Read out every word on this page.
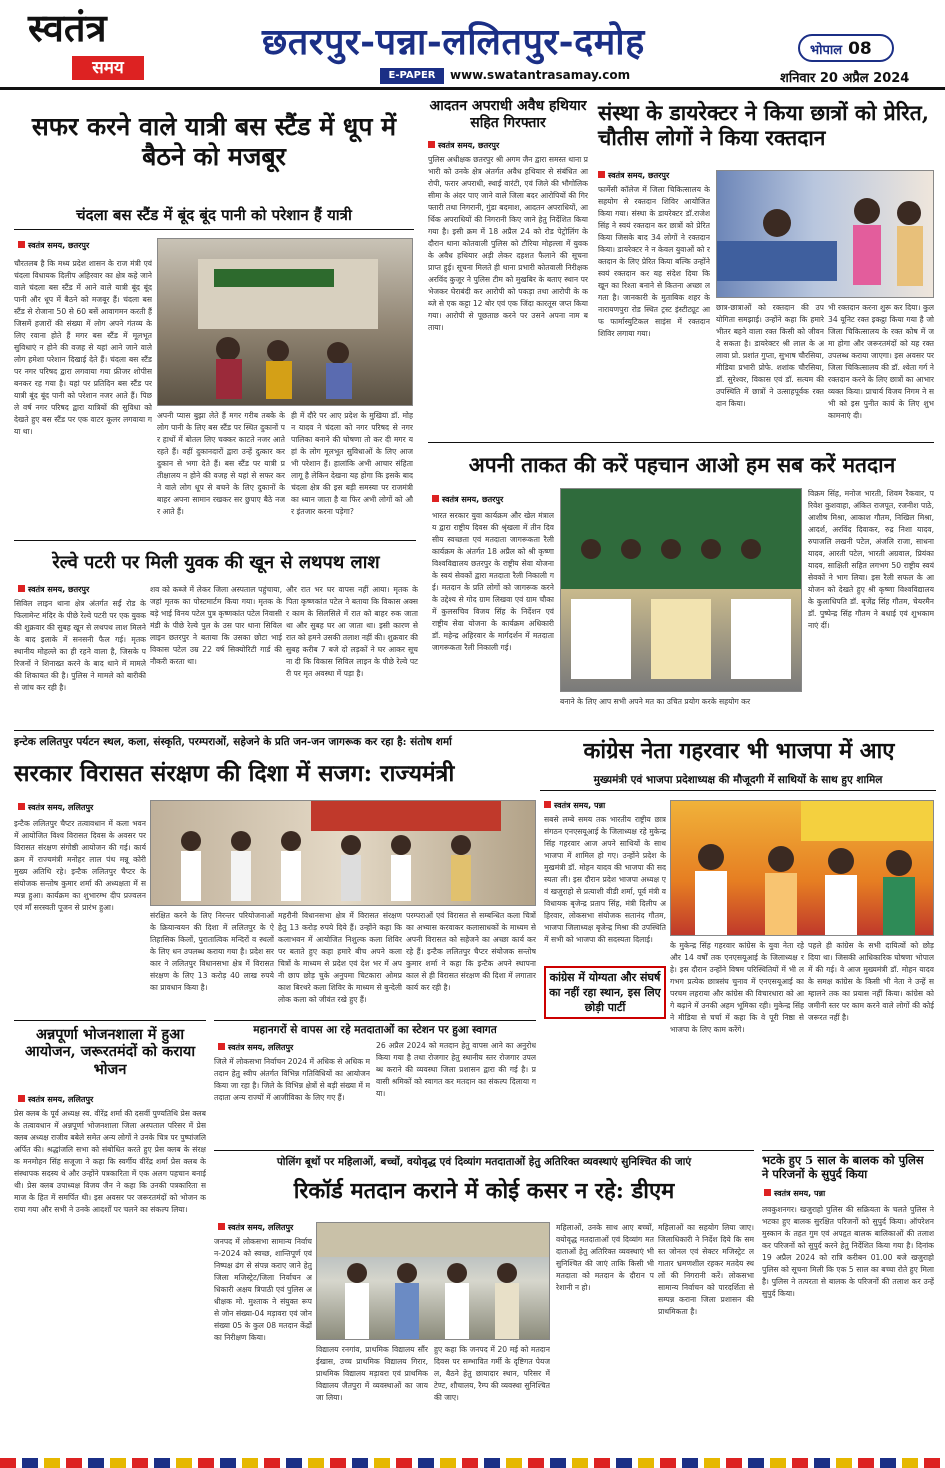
स्वतंत्र
समय
छतरपुर-पन्ना-ललितपुर-दमोह
E-PAPER	www.swatantrasamay.com
भोपाल 08
शनिवार 20 अप्रैल 2024
सफर करने वाले यात्री बस स्टैंड में धूप में बैठने को मजबूर
चंदला बस स्टैंड में बूंद बूंद पानी को परेशान हैं यात्री
स्वतंत्र समय, छतरपुर
चौरतलब है कि मध्य प्रदेश शासन के राज मंत्री एवं चंदला विधायक दिलीप अहिरवार का क्षेत्र कहे जाने वाले चंदला बस स्टैंड में आने वाले यात्री बूंद बूंद पानी और धूप में बैठने को मजबूर हैं। चंदला बस स्टैंड से रोजाना 50 से 60 बसें आवागमन करती हैं जिसमें हजारों की संख्या में लोग अपने गंतव्य के लिए रवाना होते हैं मगर बस स्टैंड में मूलभूत सुविधाएं न होने की वजह से यहां आने जाने वाले लोग हमेशा परेशान दिखाई देते हैं। चंदला बस स्टैंड पर नगर परिषद द्वारा लगवाया गया फ्रीजर शोपीस बनकर रह गया है। यहां पर प्रतिदिन बस स्टैंड पर यात्री बूंद बूंद पानी को परेशान नजर आते हैं। पिछले वर्ष नगर परिषद द्वारा यात्रियों की सुविधा को देखते हुए बस स्टैंड पर एक वाटर कूलर लगवाया गया था।
अपनी प्यास बुझा लेते हैं मगर गरीब तबके के लोग पानी के लिए बस स्टैंड पर स्थित दुकानों पर हाथों में बोतल लिए चक्कर काटते नजर आते रहते हैं। वहीं दुकानदारों द्वारा उन्हें दुत्कार कर दुकान से भगा देते हैं। बस स्टैंड पर यात्री प्रतीक्षालय न होने की वजह से यहां से सफर करने वाले लोग धूप से बचने के लिए दुकानों के बाहर अपना सामान रखकर सर छुपाए बैठे नजर आते हैं।
ही में दौरे पर आए प्रदेश के मुखिया डॉ. मोहन यादव ने चंदला को नगर परिषद से नगर पालिका बनाने की घोषणा तो कर दी मगर यहां के लोग मूलभूत सुविधाओं के लिए आज भी परेशान हैं। हालांकि अभी आचार संहिता लागू है लेकिन देखना यह होगा कि इसके बाद चंदला क्षेत्र की इस बड़ी समस्या पर राजमंत्री का ध्यान जाता है या फिर अभी लोगों को और इंतजार करना पड़ेगा?
आदतन अपराधी अवैध हथियार सहित गिरफ्तार
स्वतंत्र समय, छतरपुर
पुलिस अधीक्षक छतरपुर श्री अगम जैन द्वारा समस्त थाना प्रभारी को उनके क्षेत्र अंतर्गत अवैध हथियार से संबंधित आरोपी, फरार अपराधी, स्थाई वारंटी, एवं जिले की भौगोलिक सीमा के अंदर पाए जाने वाले जिला बदर आरोपियों की गिरफ्तारी तथा निगरानी, गुंडा बदमाश, आदतन अपराधियों, आर्थिक अपराधियों की निगरानी किए जाने हेतु निर्देशित किया गया है। इसी क्रम में 18 अप्रैल 24 को रोड पेट्रोलिंग के दौरान थाना कोतवाली पुलिस को टौरिया मोहल्ला में युवक के अवैध हथियार अड़ी लेकर दहशत फैलाने की सूचना प्राप्त हुई। सूचना मिलते ही थाना प्रभारी कोतवाली निरीक्षक अरविंद कुजूर ने पुलिस टीम को मुखबिर के बताए स्थान पर भेजकर घेराबंदी कर आरोपी को पकड़ा तथा आरोपी के कब्जे से एक कट्टा 12 बोर एवं एक जिंदा कारतूस जप्त किया गया। आरोपी से पूछताछ करने पर उसने अपना नाम बताया।
संस्था के डायरेक्टर ने किया छात्रों को प्रेरित, चौतीस लोगों ने किया रक्तदान
स्वतंत्र समय, छतरपुर
फार्मेसी कॉलेज में जिला चिकित्सालय के सहयोग से रक्तदान शिविर आयोजित किया गया। संस्था के डायरेक्टर डॉ.राजेश सिंह ने स्वयं रक्तदान कर छात्रों को प्रेरित किया जिसके बाद 34 लोगों ने रक्तदान किया। डायरेक्टर ने न केवल युवाओं को रक्तदान के लिए प्रेरित किया बल्कि उन्होंने स्वयं रक्तदान कर यह संदेश दिया कि खून का रिश्ता बनाने से कितना अच्छा लगता है। जानकारी के मुताबिक शहर के नारायणपुरा रोड स्थित ट्रस्ट इंस्टीट्यूट आफ फार्मास्युटिकल साइंस में रक्तदान शिविर लगाया गया।
छात्र-छात्राओं को रक्तदान की उपयोगिता समझाई। उन्होंने कहा कि हमारे भीतर बहने वाला रक्त किसी को जीवन दे सकता है। डायरेक्टर श्री लाल के अलावा प्रो. प्रशांत गुप्ता, सुभाष चौरसिया, मीडिया प्रभारी प्रोफे. शशांक चौरसिया, डॉ. सुरेश्वर, विकास एवं डॉ. सत्यम की उपस्थिति में छात्रों ने उत्साहपूर्वक रक्तदान किया।
भी रक्तदान करना शुरू कर दिया। कुल 34 यूनिट रक्त इकट्ठा किया गया है जो जिला चिकित्सालय के रक्त कोष में जमा होगा और जरूरतमंदों को यह रक्त उपलब्ध कराया जाएगा। इस अवसर पर जिला चिकित्सालय की डॉ. श्वेता गर्ग ने रक्तदान करने के लिए छात्रों का आभार व्यक्त किया। प्राचार्य विजय निगम ने सभी को इस पुनीत कार्य के लिए शुभकामनाएं दी।
अपनी ताकत की करें पहचान आओ हम सब करें मतदान
स्वतंत्र समय, छतरपुर
भारत सरकार युवा कार्यक्रम और खेल मंत्रालय द्वारा राष्ट्रीय दिवस की श्रृंखला में तीन दिवसीय स्वच्छता एवं मतदाता जागरूकता रैली कार्यक्रम के अंतर्गत 18 अप्रैल को श्री कृष्णा विश्वविद्यालय छतरपुर के राष्ट्रीय सेवा योजना के स्वयं सेवकों द्वारा मतदाता रैली निकाली गई। मतदान के प्रति लोगों को जागरूक करने के उद्देश्य से गोद ग्राम लिखवा एवं ग्राम चौका में कुलसचिव विजय सिंह के निर्देशन एवं राष्ट्रीय सेवा योजना के कार्यक्रम अधिकारी डॉ. महेन्द्र अहिरवार के मार्गदर्शन में मतदाता जागरूकता रैली निकाली गई।
बनाने के लिए आप सभी अपने मत का उचित प्रयोग करके सहयोग कर
विक्रम सिंह, मनोज भारती, शिवम रैकवार, परिवेश कुशवाहा, अंकित राजपूत, रजनीश पाठे, आशीष मिश्रा, आकाश गौतम, निखिल मिश्रा, आदर्श, अरविंद दिवाकर, रुद्र निशा यादव, रुपाजलि लखनी पटेल, अंजलि राजा, साधना यादव, आरती पटेल, भारती अग्रवाल, प्रियंका यादव, साक्षिती सहित लगभग 50 राष्ट्रीय स्वयं सेवकों ने भाग लिया। इस रैली सफल के आयोजन को देखते हुए श्री कृष्णा विश्वविद्यालय के कुलाधिपति डॉ. बृजेंद्र सिंह गौतम, चेयरमैन डॉ. पुष्पेन्द्र सिंह गौतम ने बधाई एवं शुभकामनाएं दीं।
रेल्वे पटरी पर मिली युवक की खून से लथपथ लाश
स्वतंत्र समय, छतरपुर
सिविल लाइन थाना क्षेत्र अंतर्गत सर्ई रोड के फिलामेन्ट मंदिर के पीछे रेल्वे पटरी पर एक युवक की शुक्रवार की सुबह खून से लथपथ लाश मिलने के बाद इलाके में सनसनी फैल गई। मृतक स्थानीय मोहल्ले का ही रहने वाला है, जिसके परिजनों ने शिनाख्त करने के बाद थाने में मामले की शिकायत की है। पुलिस ने मामले को बारीकी से जांच कर रही है।
शव को कब्जे में लेकर जिला अस्पताल पहुंचाया, जहां मृतक का पोस्टमार्टम किया गया। मृतक के बड़े भाई विनय पटेल पुत्र कृष्णकांत पटेल निवासी मंडी के पीछे रेल्वे पुल के उस पार थाना सिविल लाइन छतरपुर ने बताया कि उसका छोटा भाई विकास पटेल उम्र 22 वर्ष सिक्योरिटी गार्ड की नौकरी करता था।
और रात भर घर वापस नहीं आया। मृतक के पिता कृष्णकांत पटेल ने बताया कि विकास अक्सर काम के सिलसिले में रात को बाहर रुक जाता था और सुबह घर आ जाता था। इसी कारण से रात को हमने उसकी तलाश नहीं की। शुक्रवार की सुबह करीब 7 बजे दो लड़कों ने घर आकर सूचना दी कि विकास सिविल लाइन के पीछे रेल्वे पटरी पर मृत अवस्था में पड़ा है।
इन्टेक ललितपुर पर्यटन स्थल, कला, संस्कृति, परम्पराओं, सहेजने के प्रति जन-जन जागरूक कर रहा है: संतोष शर्मा
सरकार विरासत संरक्षण की दिशा में सजग: राज्यमंत्री
स्वतंत्र समय, ललितपुर
इन्टैक ललितपुर चैप्टर तत्वावधान में कला भवन में आयोजित विश्व विरासत दिवस के अवसर पर विरासत संरक्षण संगोष्ठी आयोजन की गई। कार्यक्रम में राज्यमंत्री मनोहर लाल पंथ मन्नू कोरी मुख्य अतिथि रहे। इन्टैक ललितपुर चैप्टर के संयोजक सन्तोष कुमार शर्मा की अध्यक्षता में सम्पन्न हुआ। कार्यक्रम का शुभारम्भ दीप प्रज्वलन एवं माँ सरस्वती पूजन से प्रारंभ हुआ।
संरक्षित करने के लिए निरन्तर परियोजनाओं के क्रियान्वयन की दिशा में ललितपुर के ऐतिहासिक किलों, पुरातात्विक मन्दिरों व स्थलों के लिए धन उपलब्ध कराया गया है। प्रदेश सरकार ने ललितपुर विधानसभा क्षेत्र में विरासत संरक्षण के लिए 13 करोड़ 40 लाख रुपये का प्रावधान किया है।
महरौनी विधानसभा क्षेत्र में विरासत संरक्षण हेतु 13 करोड़ रुपये दिये हैं। उन्होंने कहा कि कलाभवन में आयोजित निशुल्क कला शिविर पर बताते हुए कहा हमारे बीच अपने कला चित्रों के माध्यम से प्रदेश एवं देश भर में अपनी छाप छोड़ चुके अनुपमा चिटकारा ओमप्रकाश बिरथरे कला शिविर के माध्यम से बुन्देली लोक कला को जीवंत रखे हुए हैं।
परम्पराओं एवं विरासत से सम्बन्धित कला चित्रों का अभ्यास करवाकर कलासाधकों के माध्यम से अपनी विरासत को सहेजने का अच्छा कार्य कर रहे हैं। इन्टैक ललितपुर चैप्टर संयोजक सन्तोष कुमार शर्मा ने कहा कि इन्टैक अपने स्थापना काल से ही विरासत संरक्षण की दिशा में लगातार कार्य कर रही है।
कांग्रेस नेता गहरवार भी भाजपा में आए
मुख्यमंत्री एवं भाजपा प्रदेशाध्यक्ष की मौजूदगी में साथियों के साथ हुए शामिल
स्वतंत्र समय, पन्ना
सबसे लम्बे समय तक भारतीय राष्ट्रीय छात्र संगठन एनएसयूआई के जिलाध्यक्ष रहे मुकेन्द्र सिंह गहरवार आज अपने साथियों के साथ भाजपा में शामिल हो गए। उन्होंने प्रदेश के मुखमंत्री डॉ. मोहन यादव की भाजपा की सदस्यता ली। इस दौरान प्रदेश भाजपा अध्यक्ष एवं खजुराहो से प्रत्याशी वीडी शर्मा, पूर्व मंत्री व विधायक बृजेन्द्र प्रताप सिंह, मंत्री दिलीप अहिरवार, लोकसभा संयोजक सतानंद गौतम, भाजपा जिलाध्यक्ष बृजेन्द्र मिश्रा की उपस्थिति में सभी को भाजपा की सदस्यता दिलाई।
कांग्रेस में योग्यता और संघर्ष का नहीं रहा स्थान, इस लिए छोड़ी पार्टी
के मुकेन्द्र सिंह गहरवार कांग्रेस के युवा नेता रहे और 14 वर्षों तक एनएसयूआई के जिलाध्यक्ष रहे। इस दौरान उन्होंने विषम परिस्थितियों में भी लगभग प्रत्येक छात्रसंघ चुनाव में एनएसयूआई का परचम लहराया और कांग्रेस की विचारधारा को आगे बढ़ाने में उनकी अहम भूमिका रही। मुकेन्द्र सिंह ने मीडिया से चर्चा में कहा कि वे पूरी निष्ठा से भाजपा के लिए काम करेंगे।
पहले ही कांग्रेस के सभी दायित्वों को छोड़ दिया था। जिसकी आधिकारिक घोषणा भोपाल में की गई। वे आज मुख्यमंत्री डॉ. मोहन यादव के समक्ष कांग्रेस के किसी भी नेता ने उन्हें सम्हालने तक का प्रयास नहीं किया। कांग्रेस को जमीनी स्तर पर काम करने वाले लोगों की कोई जरूरत नहीं है।
महानगरों से वापस आ रहे मतदाताओं का स्टेशन पर हुआ स्वागत
स्वतंत्र समय, ललितपुर
जिले में लोकसभा निर्वाचन 2024 में अधिक से अधिक मतदान हेतु स्वीप अंतर्गत विभिन्न गतिविधियों का आयोजन किया जा रहा है। जिले के विभिन्न क्षेत्रों से बड़ी संख्या में मतदाता अन्य राज्यों में आजीविका के लिए गए हैं।
26 अप्रैल 2024 को मतदान हेतु वापस आने का अनुरोध किया गया है तथा रोजगार हेतु स्थानीय स्तर रोजगार उपलब्ध कराने की व्यवस्था जिला प्रशासन द्वारा की गई है। प्रवासी श्रमिकों को स्वागत कर मतदान का संकल्प दिलाया गया।
अन्नपूर्णा भोजनशाला में हुआ आयोजन, जरूरतमंदों को कराया भोजन
स्वतंत्र समय, ललितपुर
प्रेस क्लब के पूर्व अध्यक्ष स्व. वीरेंद्र शर्मा की दसवीं पुण्यतिथि प्रेस क्लब के तत्वावधान में अन्नपूर्णा भोजनशाला जिला अस्पताल परिसर में प्रेस क्लब अध्यक्ष राजीव बबेले समेत अन्य लोगों ने उनके चित्र पर पुष्पांजलि अर्पित की। श्रद्धांजलि सभा को संबोधित करते हुए प्रेस क्लब के संरक्षक मनमोहन सिंह सजूजा ने कहा कि स्वर्गीय वीरेंद्र शर्मा प्रेस क्लब के संस्थापक सदस्य थे और उन्होंने पत्रकारिता में एक अलग पहचान बनाई थी। प्रेस क्लब उपाध्यक्ष विजय जैन ने कहा कि उनकी पत्रकारिता समाज के हित में समर्पित थी। इस अवसर पर जरूरतमंदों को भोजन कराया गया और सभी ने उनके आदर्शों पर चलने का संकल्प लिया।
पोलिंग बूथों पर महिलाओं, बच्चों, वयोवृद्ध एवं दिव्यांग मतदाताओं हेतु अतिरिक्त व्यवस्थाएं सुनिश्चित की जाएं
रिकॉर्ड मतदान कराने में कोई कसर न रहे: डीएम
स्वतंत्र समय, ललितपुर
जनपद में लोकसभा सामान्य निर्वाचन-2024 को स्वच्छ, शान्तिपूर्ण एवं निष्पक्ष ढंग से संपन्न कराए जाने हेतु जिला मजिस्ट्रेट/जिला निर्वाचन अधिकारी अक्षय त्रिपाठी एवं पुलिस अधीक्षक मो. मुश्ताक ने संयुक्त रूप से जोन संख्या-04 मड़ावरा एवं जोन संख्या 05 के कुल 08 मतदान केंद्रों का निरीक्षण किया।
विद्यालय रनगांव, प्राथमिक विद्यालय सौंरईखास, उच्च प्राथमिक विद्यालय गिरार, प्राथमिक विद्यालय मड़ावरा एवं प्राथमिक विद्यालय जैतपुरा में व्यवस्थाओं का जायजा लिया।
हुए कहा कि जनपद में 20 मई को मतदान दिवस पर सम्भावित गर्मी के दृष्टिगत पेयजल, बैठने हेतु छायादार स्थान, परिसर में टेण्ट, शौचालय, रैम्प की व्यवस्था सुनिश्चित की जाए।
महिलाओं, उनके साथ आए बच्चों, वयोवृद्ध मतदाताओं एवं दिव्यांग मतदाताओं हेतु अतिरिक्त व्यवस्थाएं भी सुनिश्चित की जाएं ताकि किसी भी मतदाता को मतदान के दौरान परेशानी न हो।
महिलाओं का सहयोग लिया जाए। जिलाधिकारी ने निर्देश दिये कि समस्त जोनल एवं सेक्टर मजिस्ट्रेट लगातार भ्रमणशील रहकर मतदेय स्थलों की निगरानी करें। लोकसभा सामान्य निर्वाचन को पारदर्शिता से सम्पन्न कराना जिला प्रशासन की प्राथमिकता है।
भटके हुए 5 साल के बालक को पुलिस ने परिजनों के सुपुर्द किया
स्वतंत्र समय, पन्ना
लवकुशनगर। खजुराहो पुलिस की सक्रियता के चलते पुलिस ने भटका हुए बालक सुरक्षित परिजनों को सुपुर्द किया। ऑपरेशन मुस्कान के तहत गुम एवं अपहृत बालक बालिकाओं की तलाश कर परिजनों को सुपुर्द करने हेतु निर्देशित किया गया है। दिनांक 19 अप्रैल 2024 को रात्रि करीबन 01.00 बजे खजुराहो पुलिस को सूचना मिली कि एक 5 साल का बच्चा रोते हुए मिला है। पुलिस ने तत्परता से बालक के परिजनों की तलाश कर उन्हें सुपुर्द किया।
